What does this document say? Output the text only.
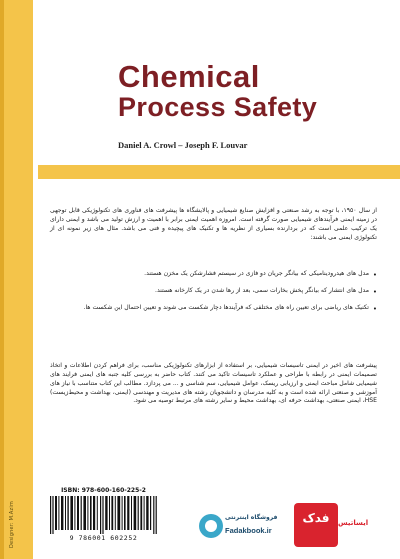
Designer: M.Azim
Chemical
Process Safety
Daniel A. Crowl – Joseph F. Louvar

از سال ۱۹۵۰، با توجه به رشد صنعتی و افزایش صنایع شیمیایی و پالایشگاه ها پیشرفت های فناوری های تکنولوژیکی قابل توجهی در زمینه ایمنی فرآیندهای شیمیایی صورت گرفته است. امروزه اهمیت ایمنی برابر با اهمیت و ارزش تولید می باشد و ایمنی دارای یک ترکیب علمی است که در بردارنده بسیاری از نظریه ها و تکنیک های پیچیده و فنی می باشد. مثال های زیر نمونه ای از تکنولوژی ایمنی می باشند:

• مدل های هیدرودینامیکی که بیانگر جریان دو فازی در سیستم فشارشکن یک مخزن هستند.
• مدل های انتشار که بیانگر پخش بخارات سمی، بعد از رها شدن در یک کارخانه هستند.
• تکنیک های ریاضی برای تعیین راه های مختلفی که فرآیندها دچار شکست می شوند و تعیین احتمال این شکست ها.

پیشرفت های اخیر در ایمنی تاسیسات شیمیایی، بر استفاده از ابزارهای تکنولوژیکی مناسب، برای فراهم کردن اطلاعات و اتخاذ تصمیمات ایمنی در رابطه با طراحی و عملکرد تاسیسات تاکید می کنند. کتاب حاضر به بررسی کلیه جنبه های ایمنی فرایند های شیمیایی شامل مباحث ایمنی و ارزیابی ریسک، عوامل شیمیایی، سم شناسی و ... می پردازد. مطالب این کتاب متناسب با نیاز های آموزشی و صنعتی ارائه شده است و به کلیه مدرسان و دانشجویان رشته های مدیریت و مهندسی (ایمنی، بهداشت و محیط‌زیست) HSE، ایمنی صنعتی، بهداشت حرفه ای، بهداشت محیط و سایر رشته های مرتبط توصیه می شود.

ISBN: 978-600-160-225-2
9 786001 602252
فروشگاه اینترنتی
Fadakbook.ir
فدک	ایساتیس
